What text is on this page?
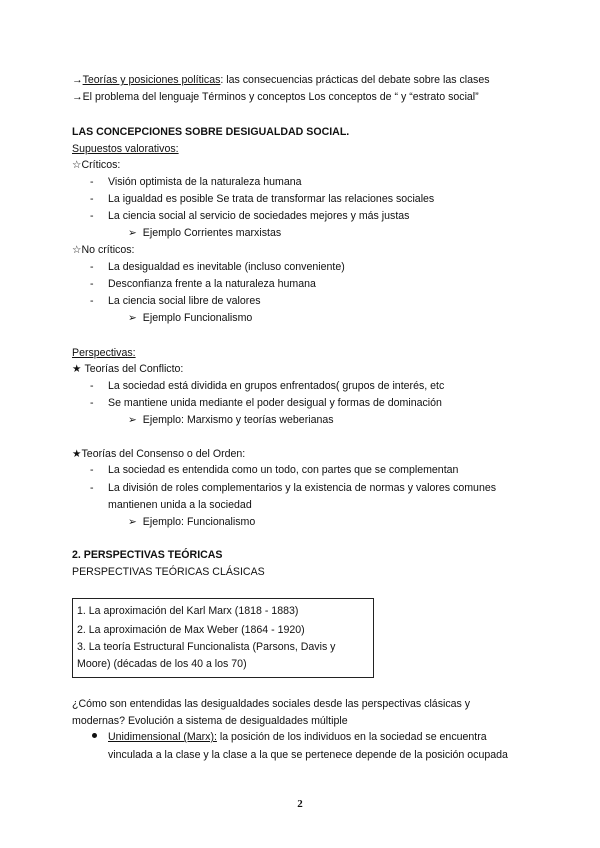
→Teorías y posiciones políticas: las consecuencias prácticas del debate sobre las clases
→El problema del lenguaje Términos y conceptos Los conceptos de “ y “estrato social”
LAS CONCEPCIONES SOBRE DESIGUALDAD SOCIAL.
Supuestos valorativos:
☆Críticos:
- Visión optimista de la naturaleza humana
- La igualdad es posible Se trata de transformar las relaciones sociales
- La ciencia social al servicio de sociedades mejores y más justas
➢ Ejemplo Corrientes marxistas
☆No críticos:
- La desigualdad es inevitable (incluso conveniente)
- Desconfianza frente a la naturaleza humana
- La ciencia social libre de valores
➢ Ejemplo Funcionalismo
Perspectivas:
★ Teorías del Conflicto:
- La sociedad está dividida en grupos enfrentados( grupos de interés, etc
- Se mantiene unida mediante el poder desigual y formas de dominación
➢ Ejemplo: Marxismo y teorías weberianas
★Teorías del Consenso o del Orden:
- La sociedad es entendida como un todo, con partes que se complementan
- La división de roles complementarios y la existencia de normas y valores comunes
mantienen unida a la sociedad
➢ Ejemplo: Funcionalismo
2. PERSPECTIVAS TEÓRICAS
PERSPECTIVAS TEÓRICAS CLÁSICAS
1. La aproximación del Karl Marx (1818 - 1883)
2. La aproximación de Max Weber (1864 - 1920)
3. La teoría Estructural Funcionalista (Parsons, Davis y
Moore) (décadas de los 40 a los 70)
¿Cómo son entendidas las desigualdades sociales desde las perspectivas clásicas y
modernas? Evolución a sistema de desigualdades múltiple
Unidimensional (Marx): la posición de los individuos en la sociedad se encuentra
vinculada a la clase y la clase a la que se pertenece depende de la posición ocupada
2
